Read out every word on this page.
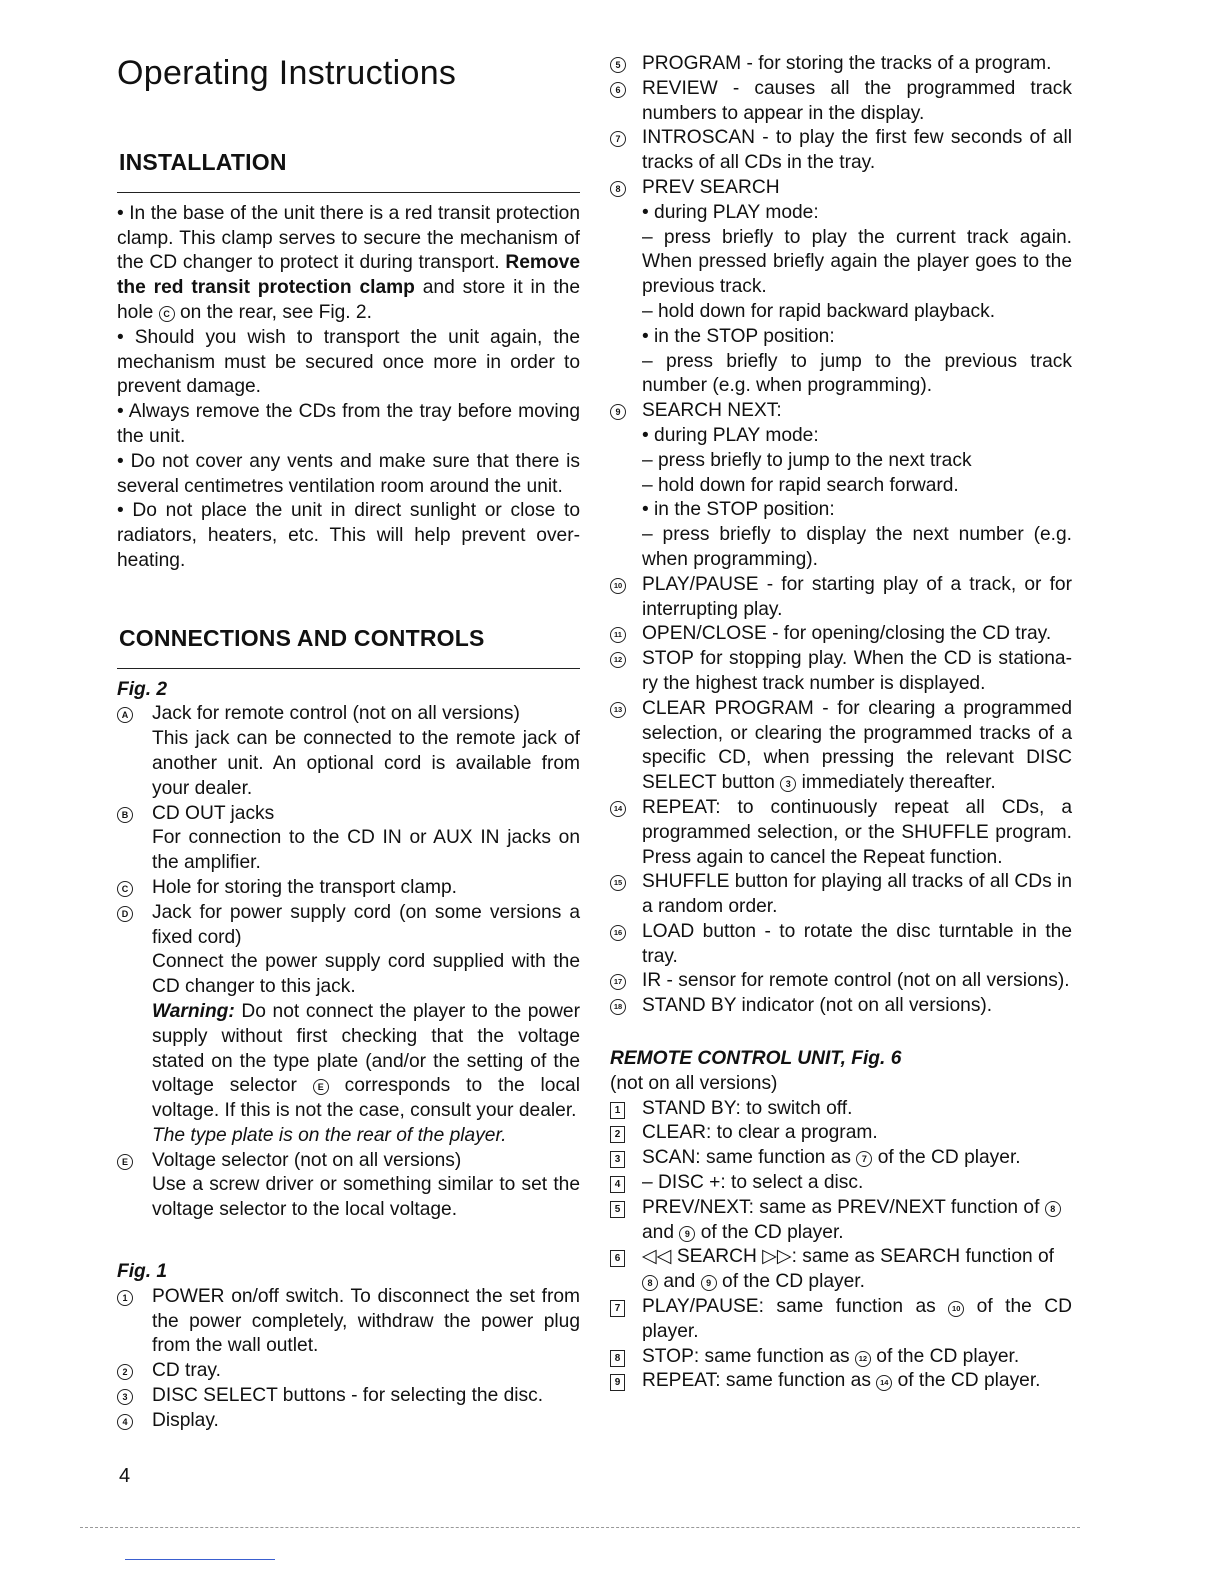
Operating Instructions
INSTALLATION

• In the base of the unit there is a red transit protection clamp. This clamp serves to secure the mechanism of the CD changer to protect it during transport. Remove the red transit protection clamp and store it in the hole C on the rear, see Fig. 2.

• Should you wish to transport the unit again, the mechanism must be secured once more in order to prevent damage.

• Always remove the CDs from the tray before moving the unit.

• Do not cover any vents and make sure that there is several centimetres ventilation room around the unit.

• Do not place the unit in direct sunlight or close to radiators, heaters, etc. This will help prevent over-heating.

CONNECTIONS AND CONTROLS

Fig. 2

A Jack for remote control (not on all versions)
This jack can be connected to the remote jack of another unit. An optional cord is available from your dealer.
B CD OUT jacks
For connection to the CD IN or AUX IN jacks on the amplifier.
C Hole for storing the transport clamp.
D Jack for power supply cord (on some versions a fixed cord)
Connect the power supply cord supplied with the CD changer to this jack.
Warning: Do not connect the player to the power supply without first checking that the voltage stated on the type plate (and/or the setting of the voltage selector E corresponds to the local voltage. If this is not the case, consult your dealer.
The type plate is on the rear of the player.
E Voltage selector (not on all versions)
Use a screw driver or something similar to set the voltage selector to the local voltage.

Fig. 1

1 POWER on/off switch. To disconnect the set from the power completely, withdraw the power plug from the wall outlet.
2 CD tray.
3 DISC SELECT buttons - for selecting the disc.
4 Display.
5 PROGRAM - for storing the tracks of a program.
6 REVIEW - causes all the programmed track numbers to appear in the display.
7 INTROSCAN - to play the first few seconds of all tracks of all CDs in the tray.
8 PREV SEARCH
• during PLAY mode:
– press briefly to play the current track again. When pressed briefly again the player goes to the previous track.
– hold down for rapid backward playback.
• in the STOP position:
– press briefly to jump to the previous track number (e.g. when programming).
9 SEARCH NEXT:
• during PLAY mode:
– press briefly to jump to the next track
– hold down for rapid search forward.
• in the STOP position:
– press briefly to display the next number (e.g. when programming).
10 PLAY/PAUSE - for starting play of a track, or for interrupting play.
11 OPEN/CLOSE - for opening/closing the CD tray.
12 STOP for stopping play. When the CD is stationa-ry the highest track number is displayed.
13 CLEAR PROGRAM - for clearing a programmed selection, or clearing the programmed tracks of a specific CD, when pressing the relevant DISC SELECT button 3 immediately thereafter.
14 REPEAT: to continuously repeat all CDs, a programmed selection, or the SHUFFLE program. Press again to cancel the Repeat function.
15 SHUFFLE button for playing all tracks of all CDs in a random order.
16 LOAD button - to rotate the disc turntable in the tray.
17 IR - sensor for remote control (not on all versions).
18 STAND BY indicator (not on all versions).
REMOTE CONTROL UNIT, Fig. 6
(not on all versions)
1 STAND BY: to switch off.
2 CLEAR: to clear a program.
3 SCAN: same function as 7 of the CD player.
4 – DISC +: to select a disc.
5 PREV/NEXT: same as PREV/NEXT function of 8 and 9 of the CD player.
6 ◁◁ SEARCH ▷▷: same as SEARCH function of 8 and 9 of the CD player.
7 PLAY/PAUSE: same function as 10 of the CD player.
8 STOP: same function as 12 of the CD player.
9 REPEAT: same function as 14 of the CD player.
4
